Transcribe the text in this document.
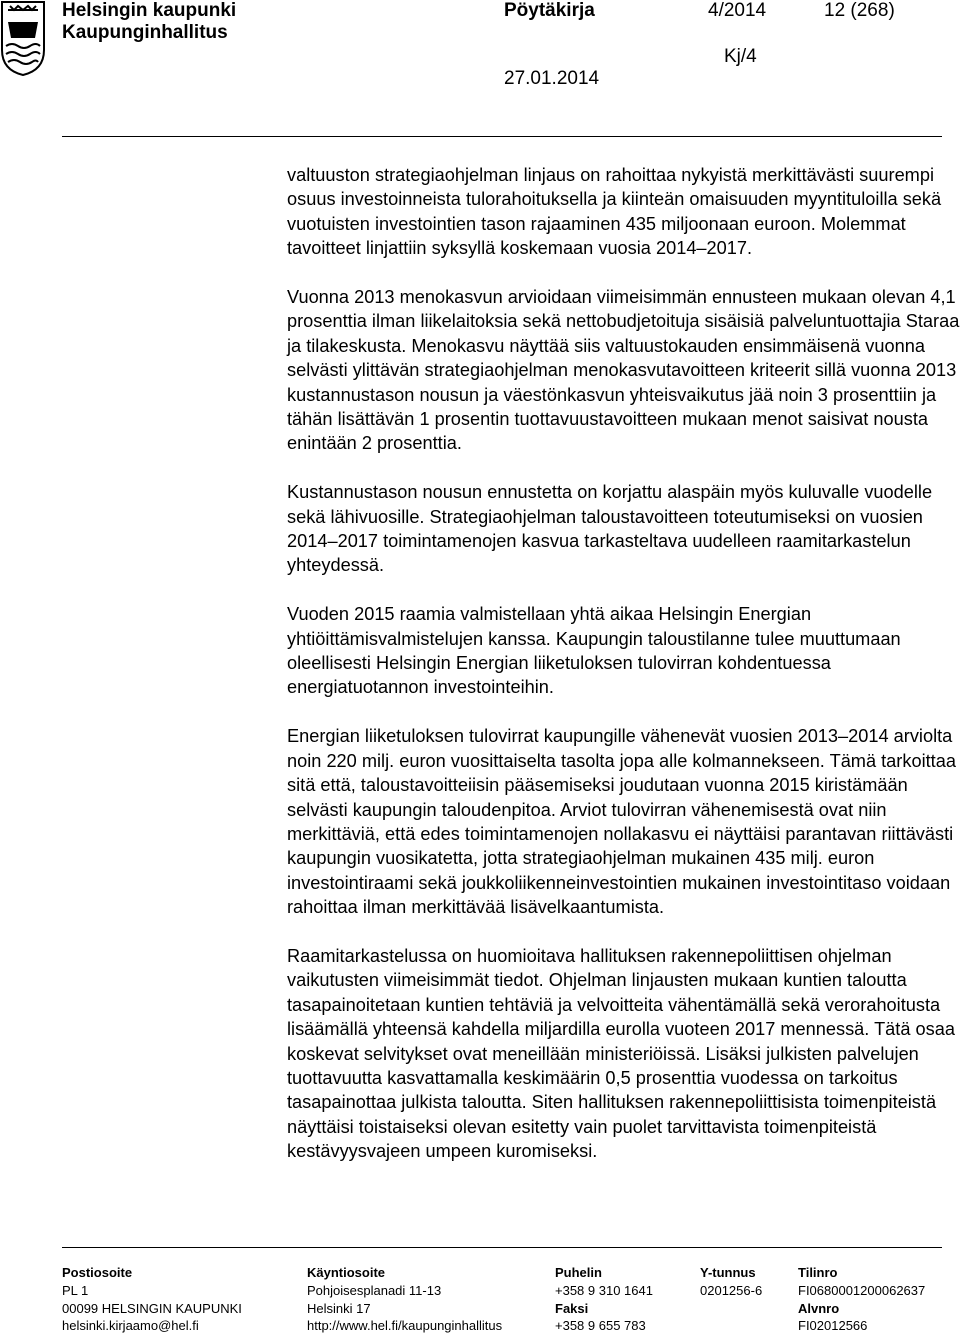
Helsingin kaupunki
Kaupunginhallitus
Pöytäkirja	4/2014	12 (268)
Kj/4
27.01.2014

valtuuston strategiaohjelman linjaus on rahoittaa nykyistä merkittävästi suurempi osuus investoinneista tulorahoituksella ja kiinteän omaisuuden myyntituloilla sekä vuotuisten investointien tason rajaaminen 435 miljoonaan euroon. Molemmat tavoitteet linjattiin syksyllä koskemaan vuosia 2014–2017.

Vuonna 2013 menokasvun arvioidaan viimeisimmän ennusteen mukaan olevan 4,1 prosenttia ilman liikelaitoksia sekä nettobudjetoituja sisäisiä palveluntuottajia Staraa ja tilakeskusta. Menokasvu näyttää siis valtuustokauden ensimmäisenä vuonna selvästi ylittävän strategiaohjelman menokasvutavoitteen kriteerit sillä vuonna 2013 kustannustason nousun ja väestönkasvun yhteisvaikutus jää noin 3 prosenttiin ja tähän lisättävän 1 prosentin tuottavuustavoitteen mukaan menot saisivat nousta enintään 2 prosenttia.

Kustannustason nousun ennustetta on korjattu alaspäin myös kuluvalle vuodelle sekä lähivuosille. Strategiaohjelman taloustavoitteen toteutumiseksi on vuosien 2014–2017 toimintamenojen kasvua tarkasteltava uudelleen raamitarkastelun yhteydessä.

Vuoden 2015 raamia valmistellaan yhtä aikaa Helsingin Energian yhtiöittämisvalmistelujen kanssa. Kaupungin taloustilanne tulee muuttumaan oleellisesti Helsingin Energian liiketuloksen tulovirran kohdentuessa energiatuotannon investointeihin.

Energian liiketuloksen tulovirrat kaupungille vähenevät vuosien 2013–2014 arviolta noin 220 milj. euron vuosittaiselta tasolta jopa alle kolmannekseen. Tämä tarkoittaa sitä että, taloustavoitteiisin pääsemiseksi joudutaan vuonna 2015 kiristämään selvästi kaupungin taloudenpitoa. Arviot tulovirran vähenemisestä ovat niin merkittäviä, että edes toimintamenojen nollakasvu ei näyttäisi parantavan riittävästi kaupungin vuosikatetta, jotta strategiaohjelman mukainen 435 milj. euron investointiraami sekä joukkoliikenneinvestointien mukainen investointitaso voidaan rahoittaa ilman merkittävää lisävelkaantumista.

Raamitarkastelussa on huomioitava hallituksen rakennepoliittisen ohjelman vaikutusten viimeisimmät tiedot. Ohjelman linjausten mukaan kuntien taloutta tasapainoitetaan kuntien tehtäviä ja velvoitteita vähentämällä sekä verorahoitusta lisäämällä yhteensä kahdella miljardilla eurolla vuoteen 2017 mennessä. Tätä osaa koskevat selvitykset ovat meneillään ministeriöissä. Lisäksi julkisten palvelujen tuottavuutta kasvattamalla keskimäärin 0,5 prosenttia vuodessa on tarkoitus tasapainottaa julkista taloutta. Siten hallituksen rakennepoliittisista toimenpiteistä näyttäisi toistaiseksi olevan esitetty vain puolet tarvittavista toimenpiteistä kestävyysvajeen umpeen kuromiseksi.

Postiosoite
PL 1
00099 HELSINGIN KAUPUNKI
helsinki.kirjaamo@hel.fi
Käyntiosoite
Pohjoisesplanadi 11-13
Helsinki 17
http://www.hel.fi/kaupunginhallitus
Puhelin
+358 9 310 1641
Faksi
+358 9 655 783
Y-tunnus
0201256-6
Tilinro
FI0680001200062637
Alvnro
FI02012566
